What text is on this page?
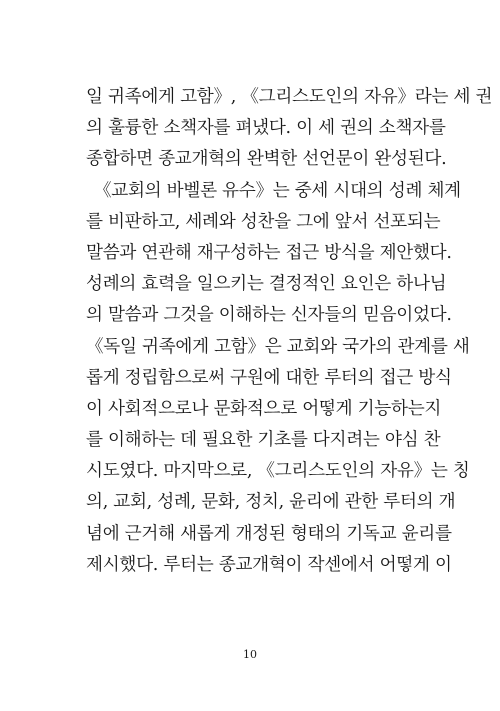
일 귀족에게 고함》, 《그리스도인의 자유》라는 세 권
의 훌륭한 소책자를 펴냈다. 이 세 권의 소책자를
종합하면 종교개혁의 완벽한 선언문이 완성된다.
《교회의 바벨론 유수》는 중세 시대의 성례 체계
를 비판하고, 세례와 성찬을 그에 앞서 선포되는
말씀과 연관해 재구성하는 접근 방식을 제안했다.
성례의 효력을 일으키는 결정적인 요인은 하나님
의 말씀과 그것을 이해하는 신자들의 믿음이었다.
《독일 귀족에게 고함》은 교회와 국가의 관계를 새
롭게 정립함으로써 구원에 대한 루터의 접근 방식
이 사회적으로나 문화적으로 어떻게 기능하는지
를 이해하는 데 필요한 기초를 다지려는 야심 찬
시도였다. 마지막으로, 《그리스도인의 자유》는 칭
의, 교회, 성례, 문화, 정치, 윤리에 관한 루터의 개
념에 근거해 새롭게 개정된 형태의 기독교 윤리를
제시했다. 루터는 종교개혁이 작센에서 어떻게 이
10
